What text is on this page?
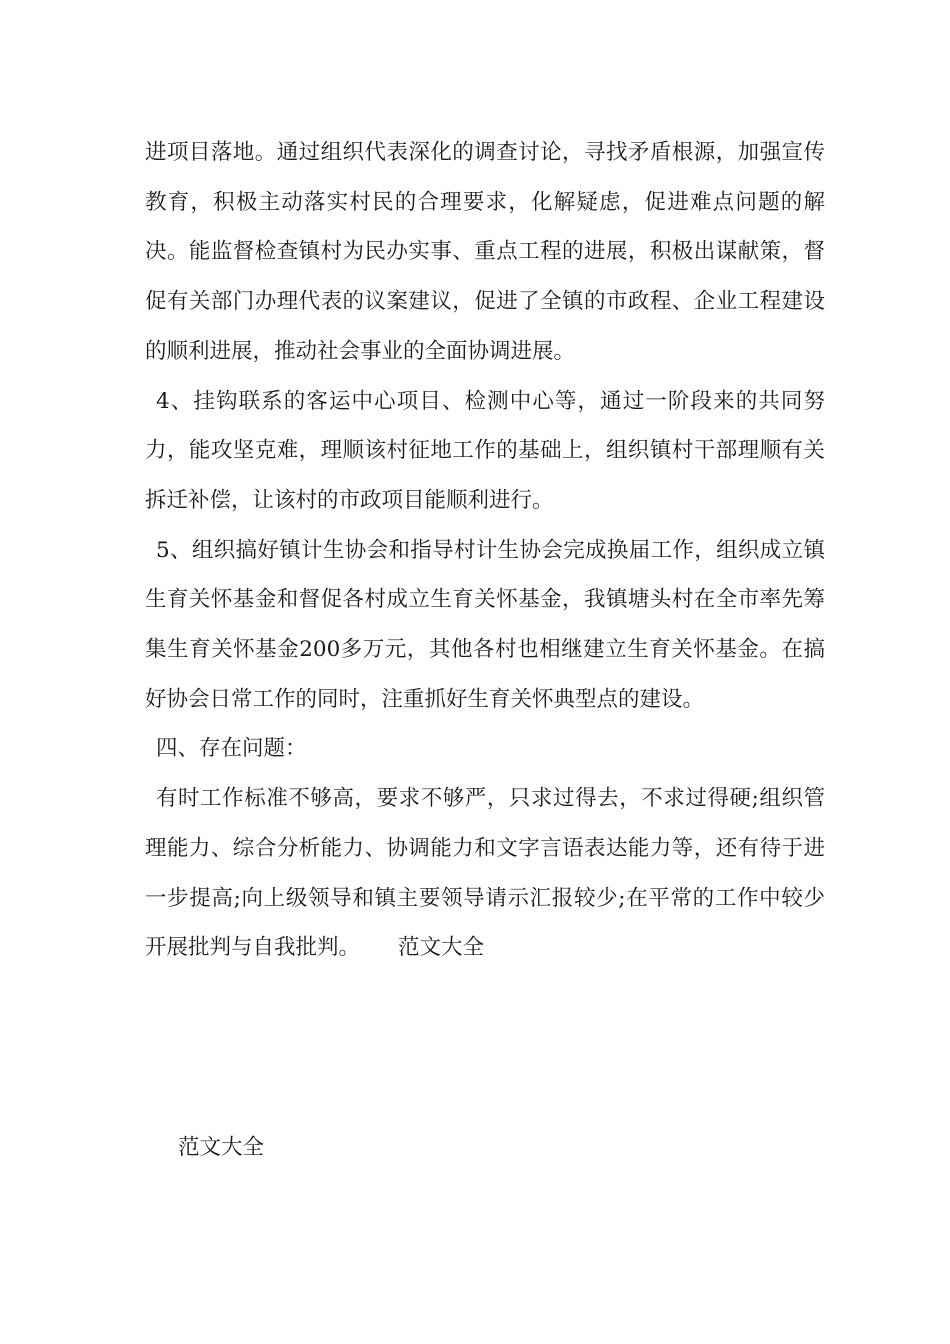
进项目落地。通过组织代表深化的调查讨论，寻找矛盾根源，加强宣传教育，积极主动落实村民的合理要求，化解疑虑，促进难点问题的解决。能监督检查镇村为民办实事、重点工程的进展，积极出谋献策，督促有关部门办理代表的议案建议，促进了全镇的市政程、企业工程建设的顺利进展，推动社会事业的全面协调进展。

4、挂钩联系的客运中心项目、检测中心等，通过一阶段来的共同努力，能攻坚克难，理顺该村征地工作的基础上，组织镇村干部理顺有关拆迁补偿，让该村的市政项目能顺利进行。

5、组织搞好镇计生协会和指导村计生协会完成换届工作，组织成立镇生育关怀基金和督促各村成立生育关怀基金，我镇塘头村在全市率先筹集生育关怀基金200多万元，其他各村也相继建立生育关怀基金。在搞好协会日常工作的同时，注重抓好生育关怀典型点的建设。

四、存在问题：

有时工作标准不够高，要求不够严，只求过得去，不求过得硬;组织管理能力、综合分析能力、协调能力和文字言语表达能力等，还有待于进一步提高;向上级领导和镇主要领导请示汇报较少;在平常的工作中较少开展批判与自我批判。 范文大全

范文大全
